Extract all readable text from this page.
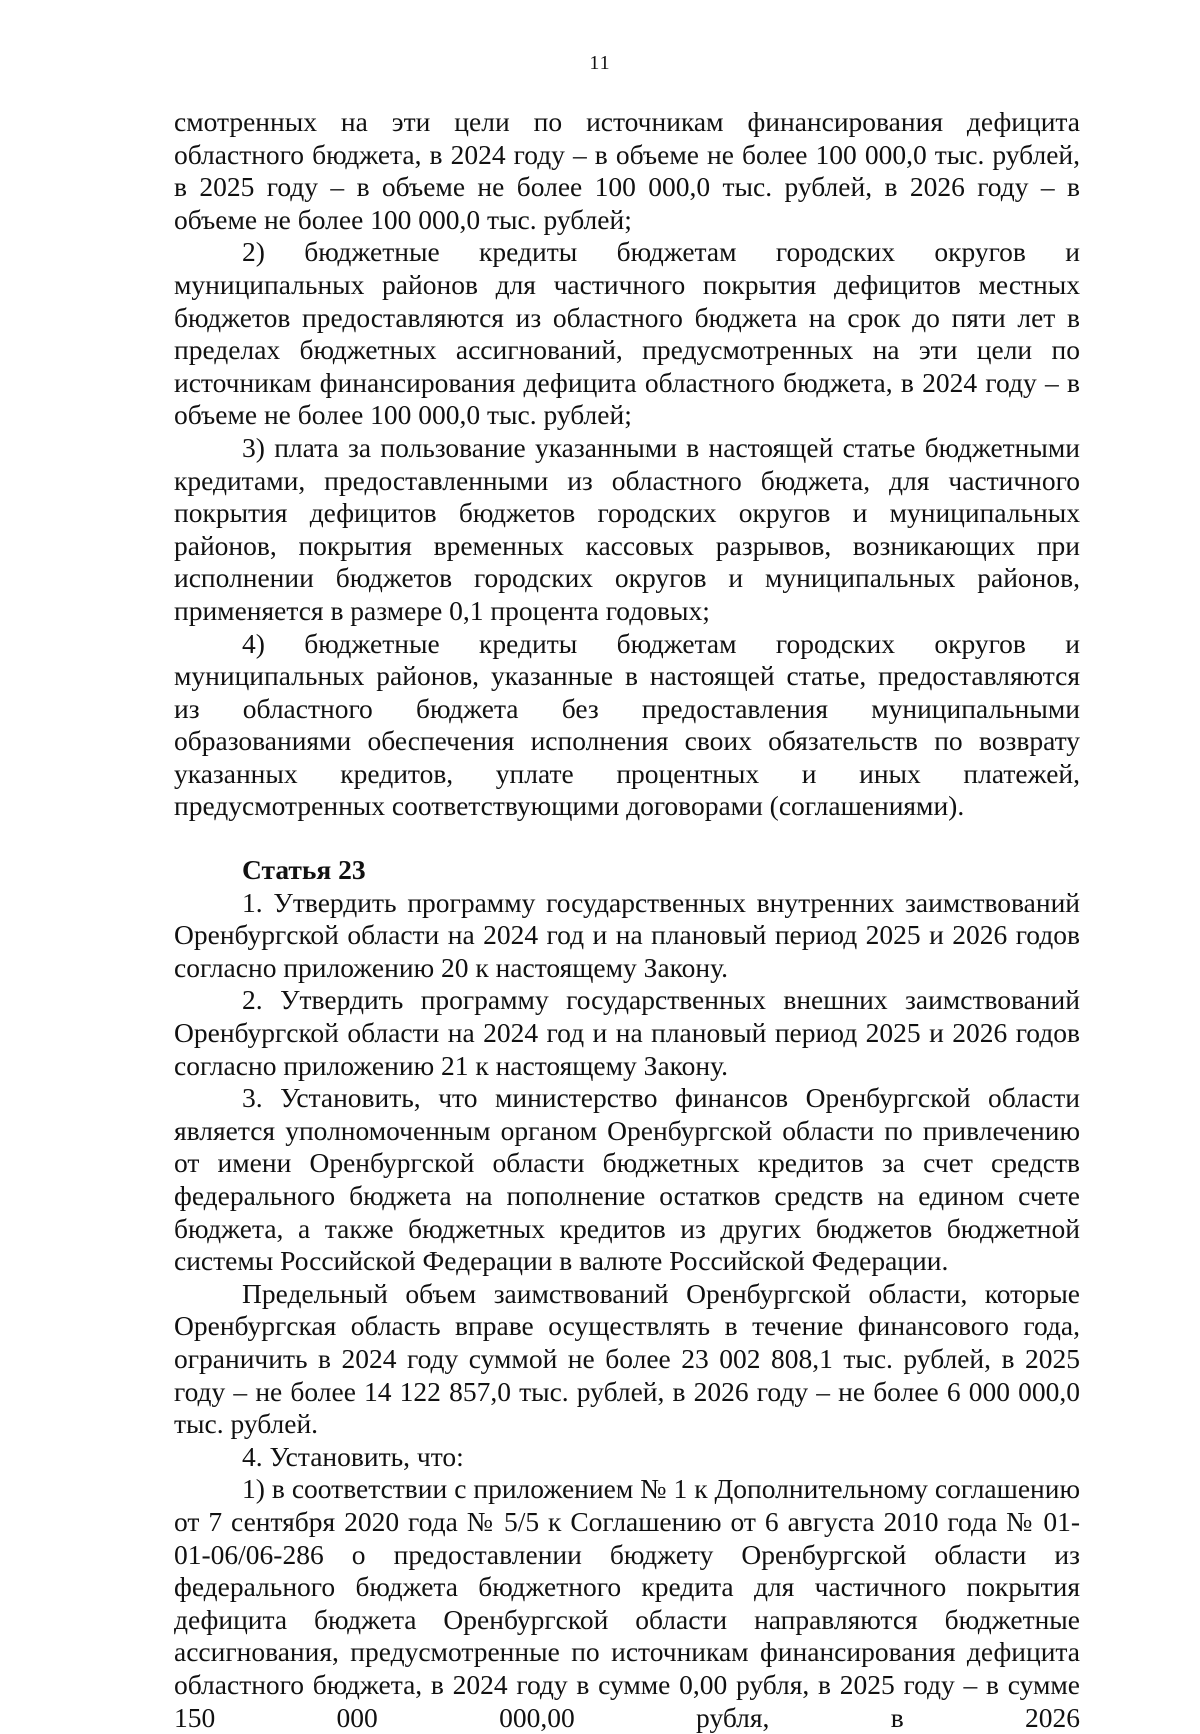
11

смотренных на эти цели по источникам финансирования дефицита областного бюджета, в 2024 году – в объеме не более 100 000,0 тыс. рублей, в 2025 году – в объеме не более 100 000,0 тыс. рублей, в 2026 году – в объеме не более 100 000,0 тыс. рублей;

2) бюджетные кредиты бюджетам городских округов и муниципальных районов для частичного покрытия дефицитов местных бюджетов предоставляются из областного бюджета на срок до пяти лет в пределах бюджетных ассигнований, предусмотренных на эти цели по источникам финансирования дефицита областного бюджета, в 2024 году – в объеме не более 100 000,0 тыс. рублей;

3) плата за пользование указанными в настоящей статье бюджетными кредитами, предоставленными из областного бюджета, для частичного покрытия дефицитов бюджетов городских округов и муниципальных районов, покрытия временных кассовых разрывов, возникающих при исполнении бюджетов городских округов и муниципальных районов, применяется в размере 0,1 процента годовых;

4) бюджетные кредиты бюджетам городских округов и муниципальных районов, указанные в настоящей статье, предоставляются из областного бюджета без предоставления муниципальными образованиями обеспечения исполнения своих обязательств по возврату указанных кредитов, уплате процентных и иных платежей, предусмотренных соответствующими договорами (соглашениями).

Статья 23

1. Утвердить программу государственных внутренних заимствований Оренбургской области на 2024 год и на плановый период 2025 и 2026 годов согласно приложению 20 к настоящему Закону.

2. Утвердить программу государственных внешних заимствований Оренбургской области на 2024 год и на плановый период 2025 и 2026 годов согласно приложению 21 к настоящему Закону.

3. Установить, что министерство финансов Оренбургской области является уполномоченным органом Оренбургской области по привлечению от имени Оренбургской области бюджетных кредитов за счет средств федерального бюджета на пополнение остатков средств на едином счете бюджета, а также бюджетных кредитов из других бюджетов бюджетной системы Российской Федерации в валюте Российской Федерации.

Предельный объем заимствований Оренбургской области, которые Оренбургская область вправе осуществлять в течение финансового года, ограничить в 2024 году суммой не более 23 002 808,1 тыс. рублей, в 2025 году – не более 14 122 857,0 тыс. рублей, в 2026 году – не более 6 000 000,0 тыс. рублей.

4. Установить, что:

1) в соответствии с приложением № 1 к Дополнительному соглашению от 7 сентября 2020 года № 5/5 к Соглашению от 6 августа 2010 года № 01-01-06/06-286 о предоставлении бюджету Оренбургской области из федерального бюджета бюджетного кредита для частичного покрытия дефицита бюджета Оренбургской области направляются бюджетные ассигнования, предусмотренные по источникам финансирования дефицита областного бюджета, в 2024 году в сумме 0,00 рубля, в 2025 году – в сумме 150 000 000,00 рубля, в 2026
